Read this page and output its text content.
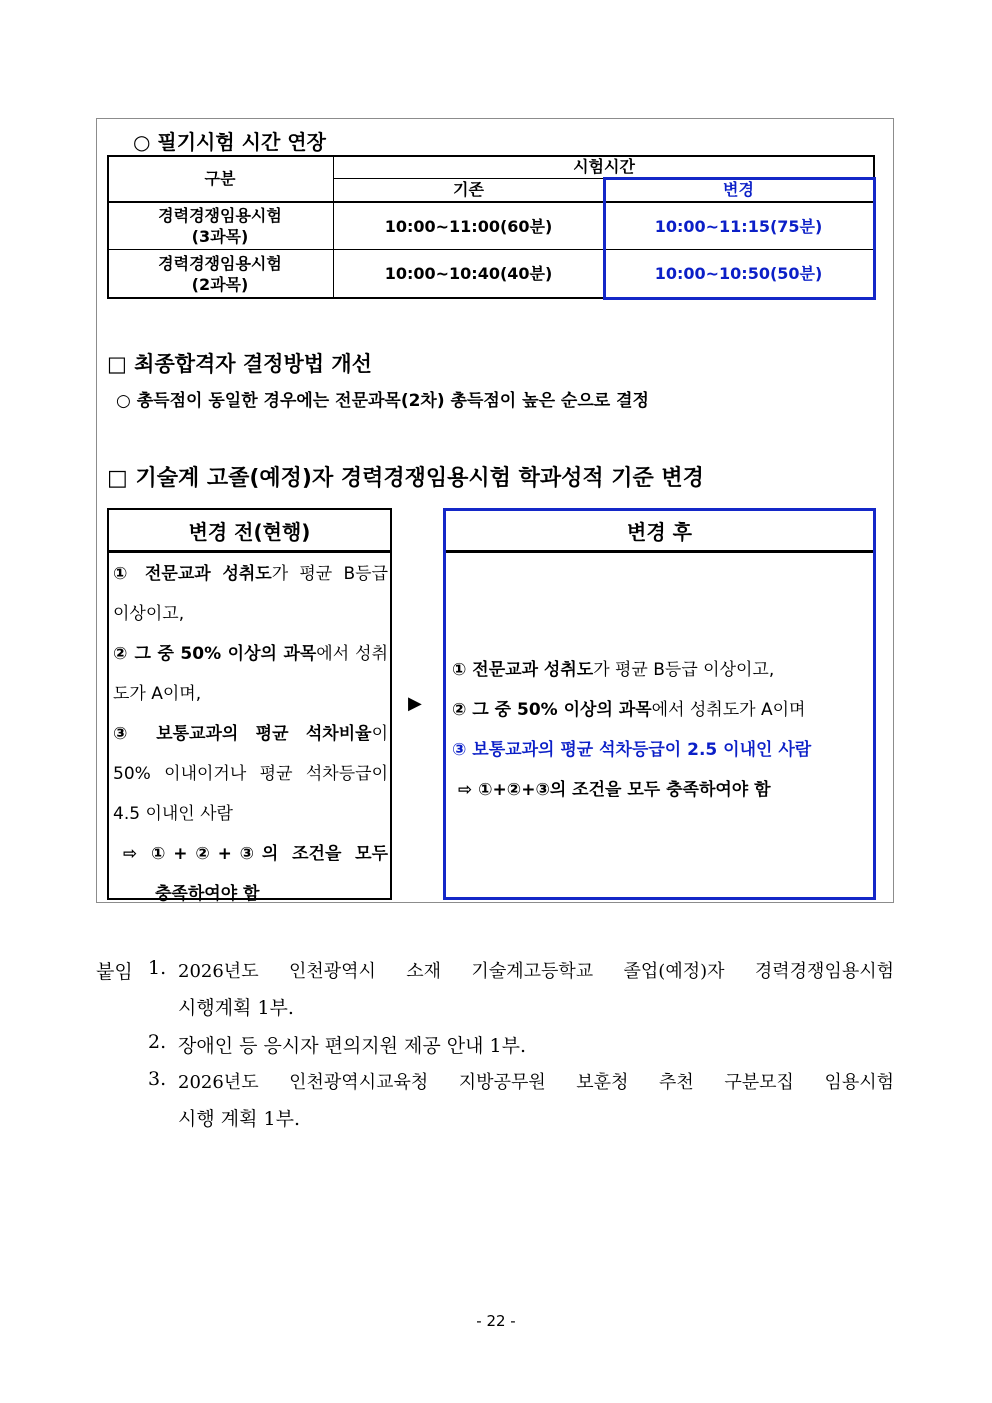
○ 필기시험 시간 연장
구분
시험시간
기존	변경
경력경쟁임용시험
(3과목)
10:00~11:00(60분)	10:00~11:15(75분)
경력경쟁임용시험
(2과목)
10:00~10:40(40분)	10:00~10:50(50분)
□ 최종합격자 결정방법 개선
○ 총득점이 동일한 경우에는 전문과목(2차) 총득점이 높은 순으로 결정
□ 기술계 고졸(예정)자 경력경쟁임용시험 학과성적 기준 변경
변경 전(현행)
① 전문교과 성취도가 평균 B등급
이상이고,
② 그 중 50% 이상의 과목에서 성취
도가 A이며,
③ 보통교과의 평균 석차비율이
50% 이내이거나 평균 석차등급이
4.5 이내인 사람
⇨ ①+②+③의 조건을 모두
충족하여야 함
▶
변경 후
① 전문교과 성취도가 평균 B등급 이상이고,
② 그 중 50% 이상의 과목에서 성취도가 A이며
③ 보통교과의 평균 석차등급이 2.5 이내인 사람
⇨ ①+②+③의 조건을 모두 충족하여야 함
붙임 1. 2026년도 인천광역시 소재 기술계고등학교 졸업(예정)자 경력경쟁임용시험
시행계획 1부.
2. 장애인 등 응시자 편의지원 제공 안내 1부.
3. 2026년도 인천광역시교육청 지방공무원 보훈청 추천 구분모집 임용시험
시행 계획 1부.
- 22 -
